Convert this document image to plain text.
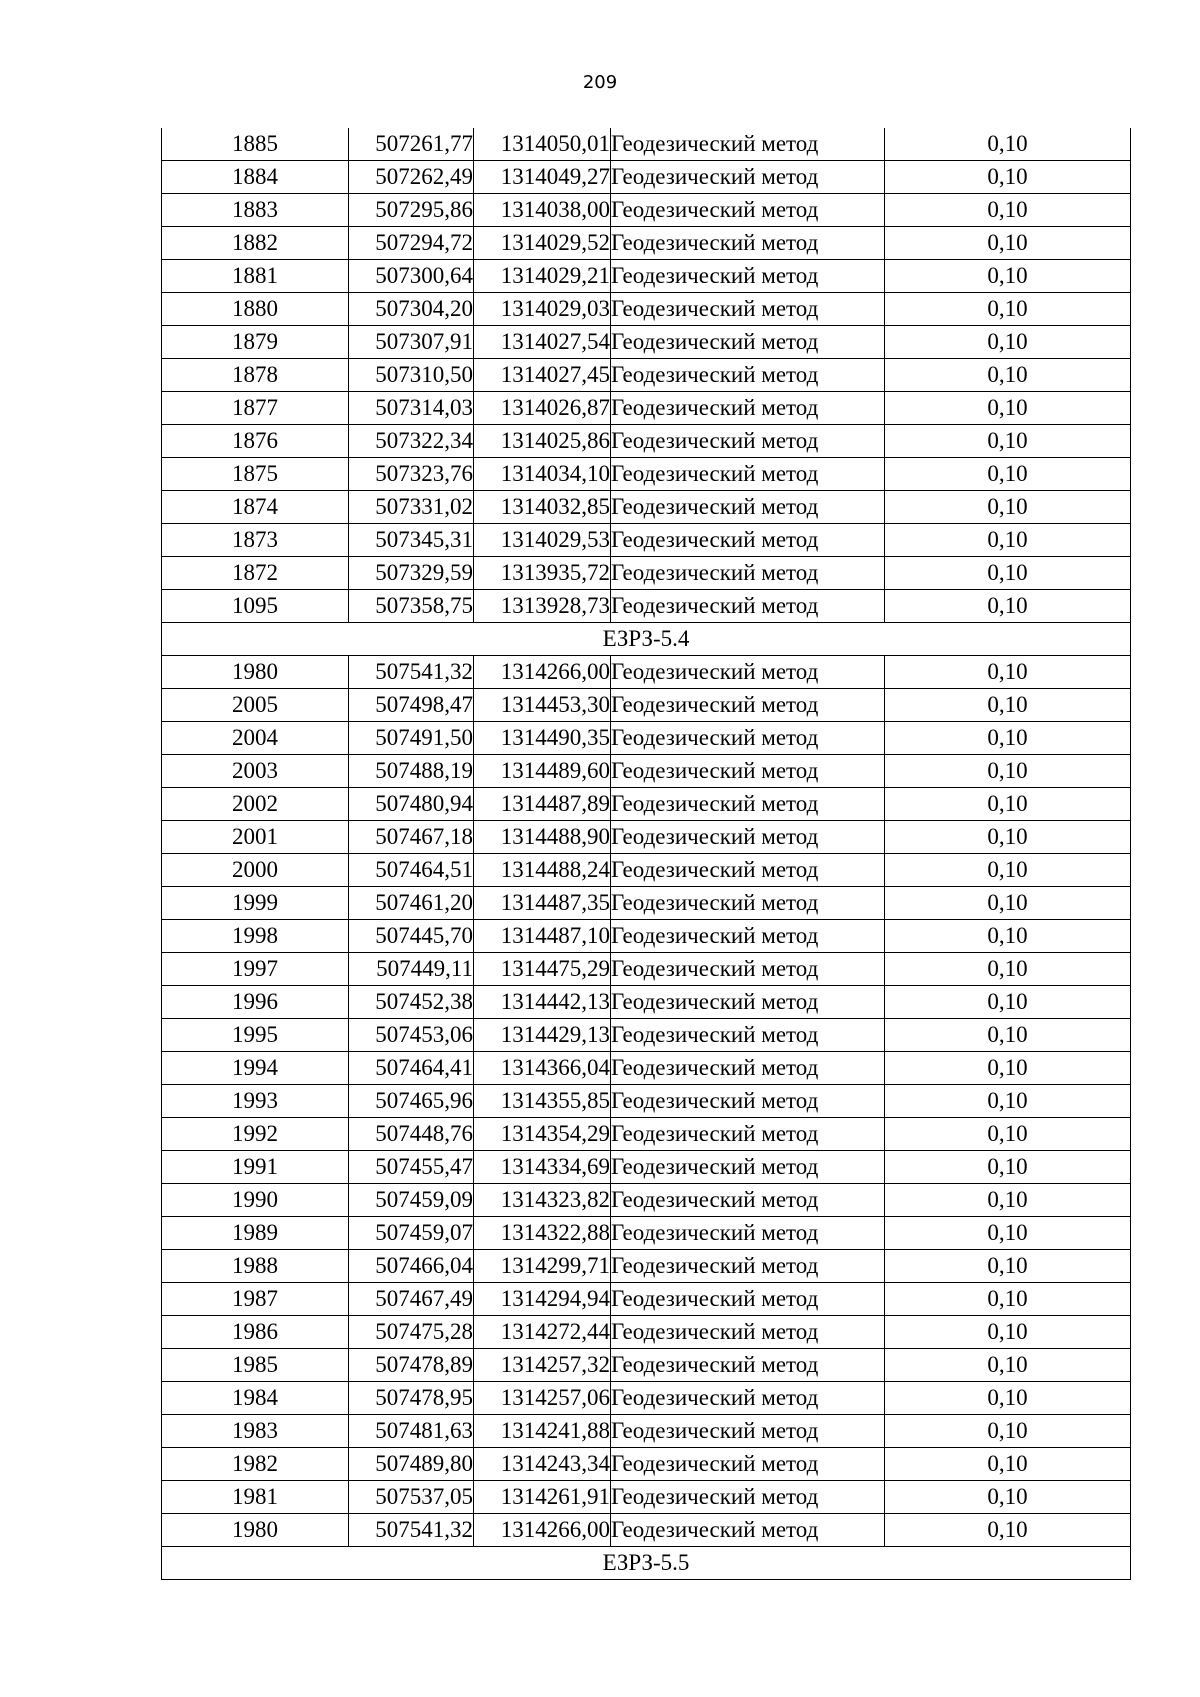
209
1885	507261,77	1314050,01	Геодезический метод	0,10
1884	507262,49	1314049,27	Геодезический метод	0,10
1883	507295,86	1314038,00	Геодезический метод	0,10
1882	507294,72	1314029,52	Геодезический метод	0,10
1881	507300,64	1314029,21	Геодезический метод	0,10
1880	507304,20	1314029,03	Геодезический метод	0,10
1879	507307,91	1314027,54	Геодезический метод	0,10
1878	507310,50	1314027,45	Геодезический метод	0,10
1877	507314,03	1314026,87	Геодезический метод	0,10
1876	507322,34	1314025,86	Геодезический метод	0,10
1875	507323,76	1314034,10	Геодезический метод	0,10
1874	507331,02	1314032,85	Геодезический метод	0,10
1873	507345,31	1314029,53	Геодезический метод	0,10
1872	507329,59	1313935,72	Геодезический метод	0,10
1095	507358,75	1313928,73	Геодезический метод	0,10
ЕЗРЗ-5.4				
1980	507541,32	1314266,00	Геодезический метод	0,10
2005	507498,47	1314453,30	Геодезический метод	0,10
2004	507491,50	1314490,35	Геодезический метод	0,10
2003	507488,19	1314489,60	Геодезический метод	0,10
2002	507480,94	1314487,89	Геодезический метод	0,10
2001	507467,18	1314488,90	Геодезический метод	0,10
2000	507464,51	1314488,24	Геодезический метод	0,10
1999	507461,20	1314487,35	Геодезический метод	0,10
1998	507445,70	1314487,10	Геодезический метод	0,10
1997	507449,11	1314475,29	Геодезический метод	0,10
1996	507452,38	1314442,13	Геодезический метод	0,10
1995	507453,06	1314429,13	Геодезический метод	0,10
1994	507464,41	1314366,04	Геодезический метод	0,10
1993	507465,96	1314355,85	Геодезический метод	0,10
1992	507448,76	1314354,29	Геодезический метод	0,10
1991	507455,47	1314334,69	Геодезический метод	0,10
1990	507459,09	1314323,82	Геодезический метод	0,10
1989	507459,07	1314322,88	Геодезический метод	0,10
1988	507466,04	1314299,71	Геодезический метод	0,10
1987	507467,49	1314294,94	Геодезический метод	0,10
1986	507475,28	1314272,44	Геодезический метод	0,10
1985	507478,89	1314257,32	Геодезический метод	0,10
1984	507478,95	1314257,06	Геодезический метод	0,10
1983	507481,63	1314241,88	Геодезический метод	0,10
1982	507489,80	1314243,34	Геодезический метод	0,10
1981	507537,05	1314261,91	Геодезический метод	0,10
1980	507541,32	1314266,00	Геодезический метод	0,10
ЕЗРЗ-5.5				
